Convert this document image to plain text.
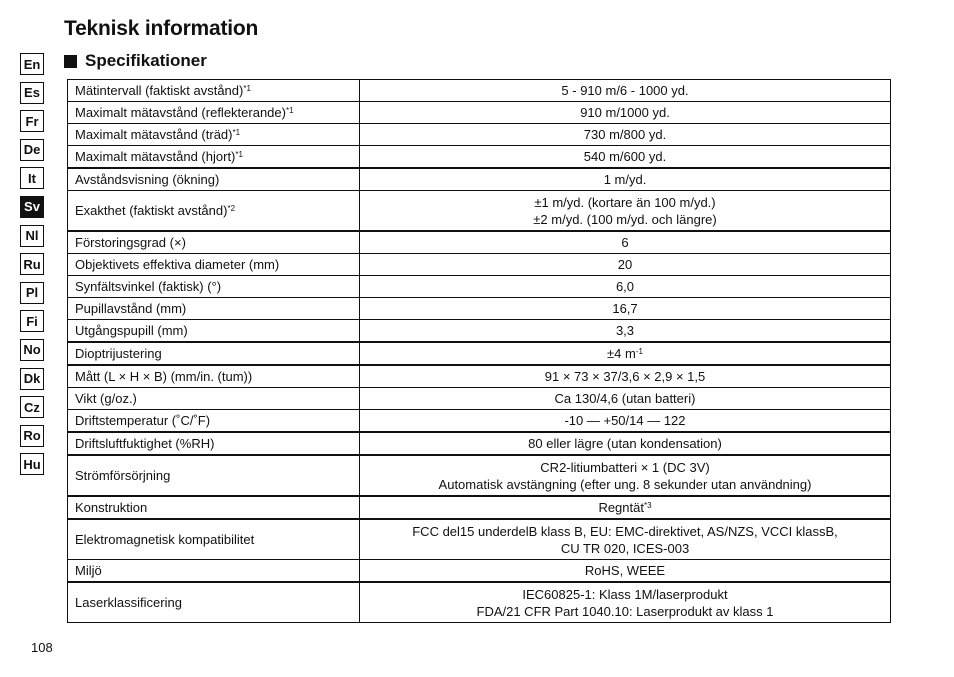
Teknisk information
Specifikationer
En
Es
Fr
De
It
Sv
Nl
Ru
Pl
Fi
No
Dk
Cz
Ro
Hu
Mätintervall (faktiskt avstånd)$^{*1}$	5 - 910 m/6 - 1000 yd.

Maximalt mätavstånd (reflekterande)$^{*1}$	910 m/1000 yd.

Maximalt mätavstånd (träd)$^{*1}$	730 m/800 yd.

Maximalt mätavstånd (hjort)$^{*1}$	540 m/600 yd.

Avståndsvisning (ökning)	1 m/yd.

Exakthet (faktiskt avstånd)$^{*2}$	±1 m/yd. (kortare än 100 m/yd.)
±2 m/yd. (100 m/yd. och längre)

Förstoringsgrad (×)	6

Objektivets effektiva diameter (mm)	20

Synfältsvinkel (faktisk) (°)	6,0

Pupillavstånd (mm)	16,7

Utgångspupill (mm)	3,3

Dioptrijustering	±4 $m^{-1}$

Mått (L × H × B) (mm/in. (tum))	91 × 73 × 37/3,6 × 2,9 × 1,5

Vikt (g/oz.)	Ca 130/4,6 (utan batteri)

Driftstemperatur (˚C/˚F)	-10 — +50/14 — 122

Driftsluftfuktighet (%RH)	80 eller lägre (utan kondensation)

Strömförsörjning	CR2-litiumbatteri × 1 (DC 3V)
Automatisk avstängning (efter ung. 8 sekunder utan användning)

Konstruktion	Regntät$^{*3}$

Elektromagnetisk kompatibilitet	FCC del15 underdelB klass B, EU: EMC-direktivet, AS/NZS, VCCI klassB,
CU TR 020, ICES-003

Miljö	RoHS, WEEE

Laserklassificering	IEC60825-1: Klass 1M/laserprodukt
FDA/21 CFR Part 1040.10: Laserprodukt av klass 1
108
